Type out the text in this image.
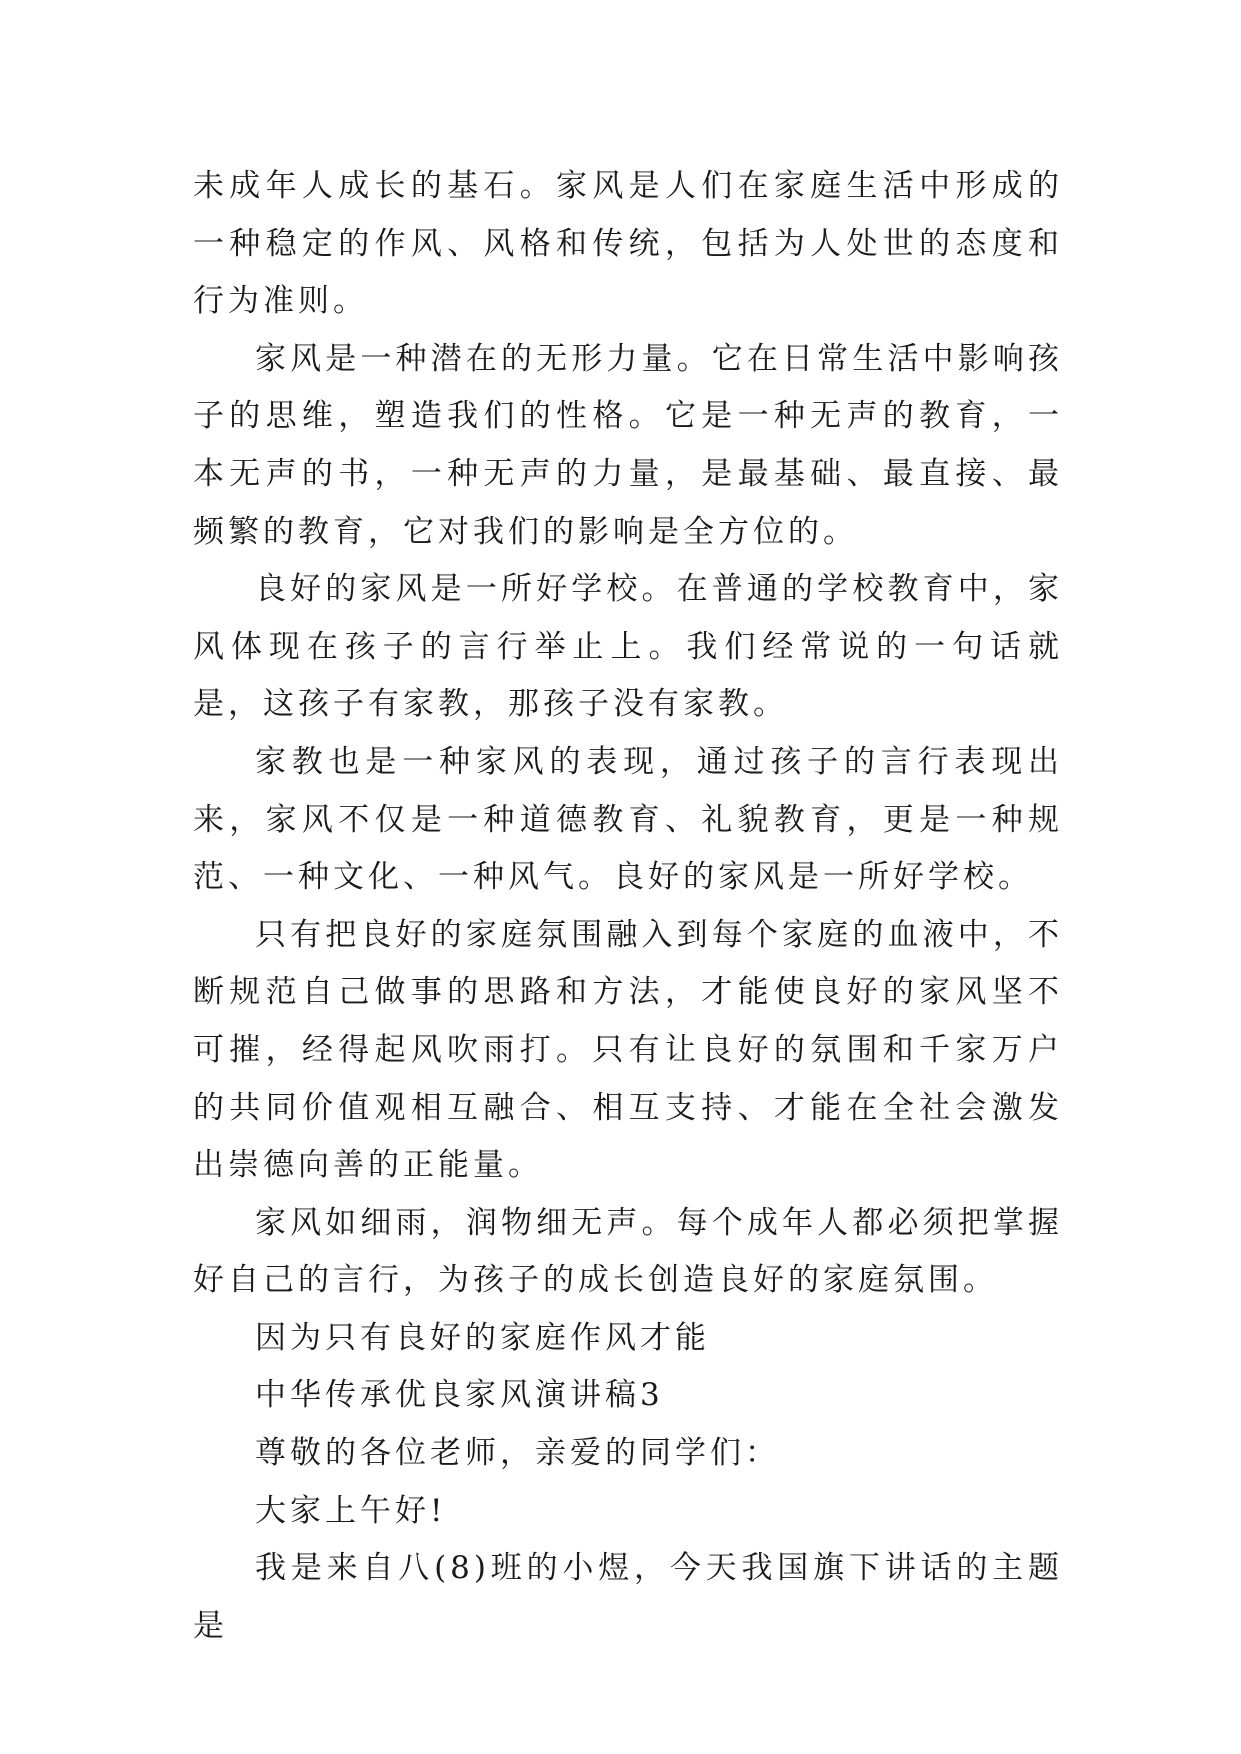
未成年人成长的基石。家风是人们在家庭生活中形成的一种稳定的作风、风格和传统，包括为人处世的态度和行为准则。

家风是一种潜在的无形力量。它在日常生活中影响孩子的思维，塑造我们的性格。它是一种无声的教育，一本无声的书，一种无声的力量，是最基础、最直接、最频繁的教育，它对我们的影响是全方位的。

良好的家风是一所好学校。在普通的学校教育中，家风体现在孩子的言行举止上。我们经常说的一句话就是，这孩子有家教，那孩子没有家教。

家教也是一种家风的表现，通过孩子的言行表现出来，家风不仅是一种道德教育、礼貌教育，更是一种规范、一种文化、一种风气。良好的家风是一所好学校。

只有把良好的家庭氛围融入到每个家庭的血液中，不断规范自己做事的思路和方法，才能使良好的家风坚不可摧，经得起风吹雨打。只有让良好的氛围和千家万户的共同价值观相互融合、相互支持、才能在全社会激发出崇德向善的正能量。

家风如细雨，润物细无声。每个成年人都必须把掌握好自己的言行，为孩子的成长创造良好的家庭氛围。

因为只有良好的家庭作风才能

中华传承优良家风演讲稿3

尊敬的各位老师，亲爱的同学们：

大家上午好!

我是来自八(8)班的小煜，今天我国旗下讲话的主题是
